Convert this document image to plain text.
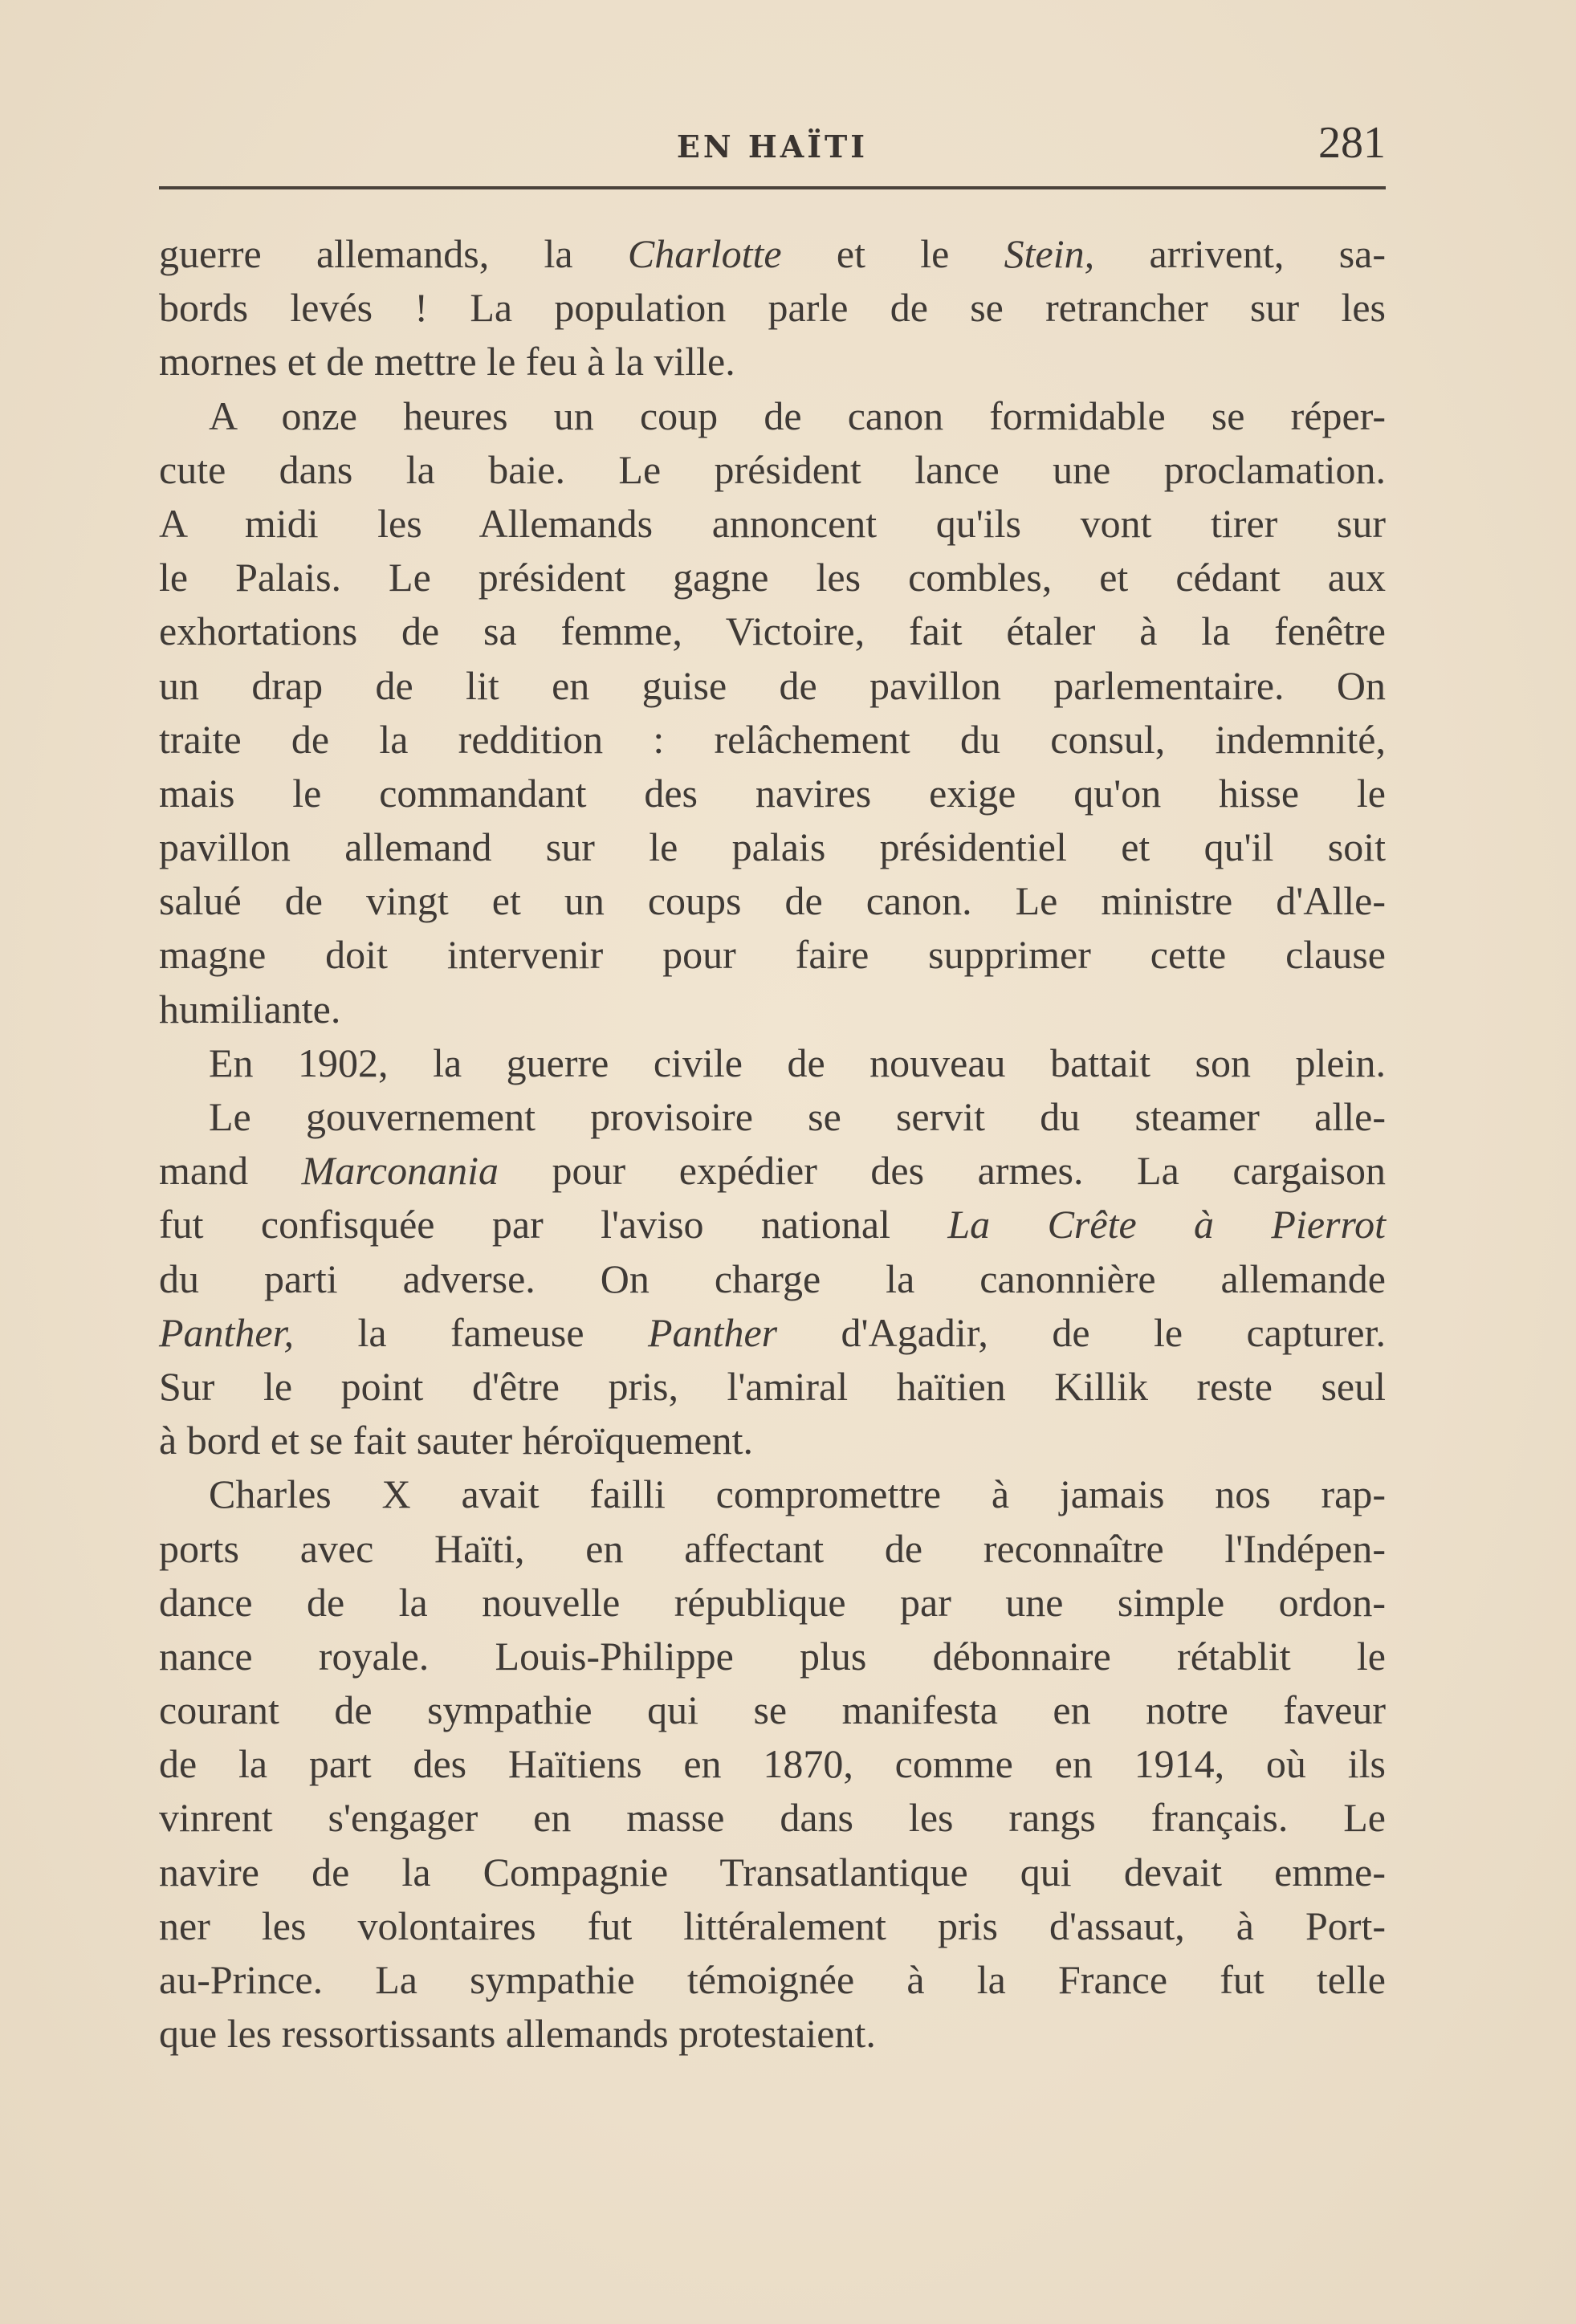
EN HAÏTI	281
guerre allemands, la Charlotte et le Stein, arrivent, sa-
bords levés ! La population parle de se retrancher sur les
mornes et de mettre le feu à la ville.
A onze heures un coup de canon formidable se réper-
cute dans la baie. Le président lance une proclamation.
A midi les Allemands annoncent qu'ils vont tirer sur
le Palais. Le président gagne les combles, et cédant aux
exhortations de sa femme, Victoire, fait étaler à la fenêtre
un drap de lit en guise de pavillon parlementaire. On
traite de la reddition : relâchement du consul, indemnité,
mais le commandant des navires exige qu'on hisse le
pavillon allemand sur le palais présidentiel et qu'il soit
salué de vingt et un coups de canon. Le ministre d'Alle-
magne doit intervenir pour faire supprimer cette clause
humiliante.
En 1902, la guerre civile de nouveau battait son plein.
Le gouvernement provisoire se servit du steamer alle-
mand Marconania pour expédier des armes. La cargaison
fut confisquée par l'aviso national La Crête à Pierrot
du parti adverse. On charge la canonnière allemande
Panther, la fameuse Panther d'Agadir, de le capturer.
Sur le point d'être pris, l'amiral haïtien Killik reste seul
à bord et se fait sauter héroïquement.
Charles X avait failli compromettre à jamais nos rap-
ports avec Haïti, en affectant de reconnaître l'Indépen-
dance de la nouvelle république par une simple ordon-
nance royale. Louis-Philippe plus débonnaire rétablit le
courant de sympathie qui se manifesta en notre faveur
de la part des Haïtiens en 1870, comme en 1914, où ils
vinrent s'engager en masse dans les rangs français. Le
navire de la Compagnie Transatlantique qui devait emme-
ner les volontaires fut littéralement pris d'assaut, à Port-
au-Prince. La sympathie témoignée à la France fut telle
que les ressortissants allemands protestaient.
